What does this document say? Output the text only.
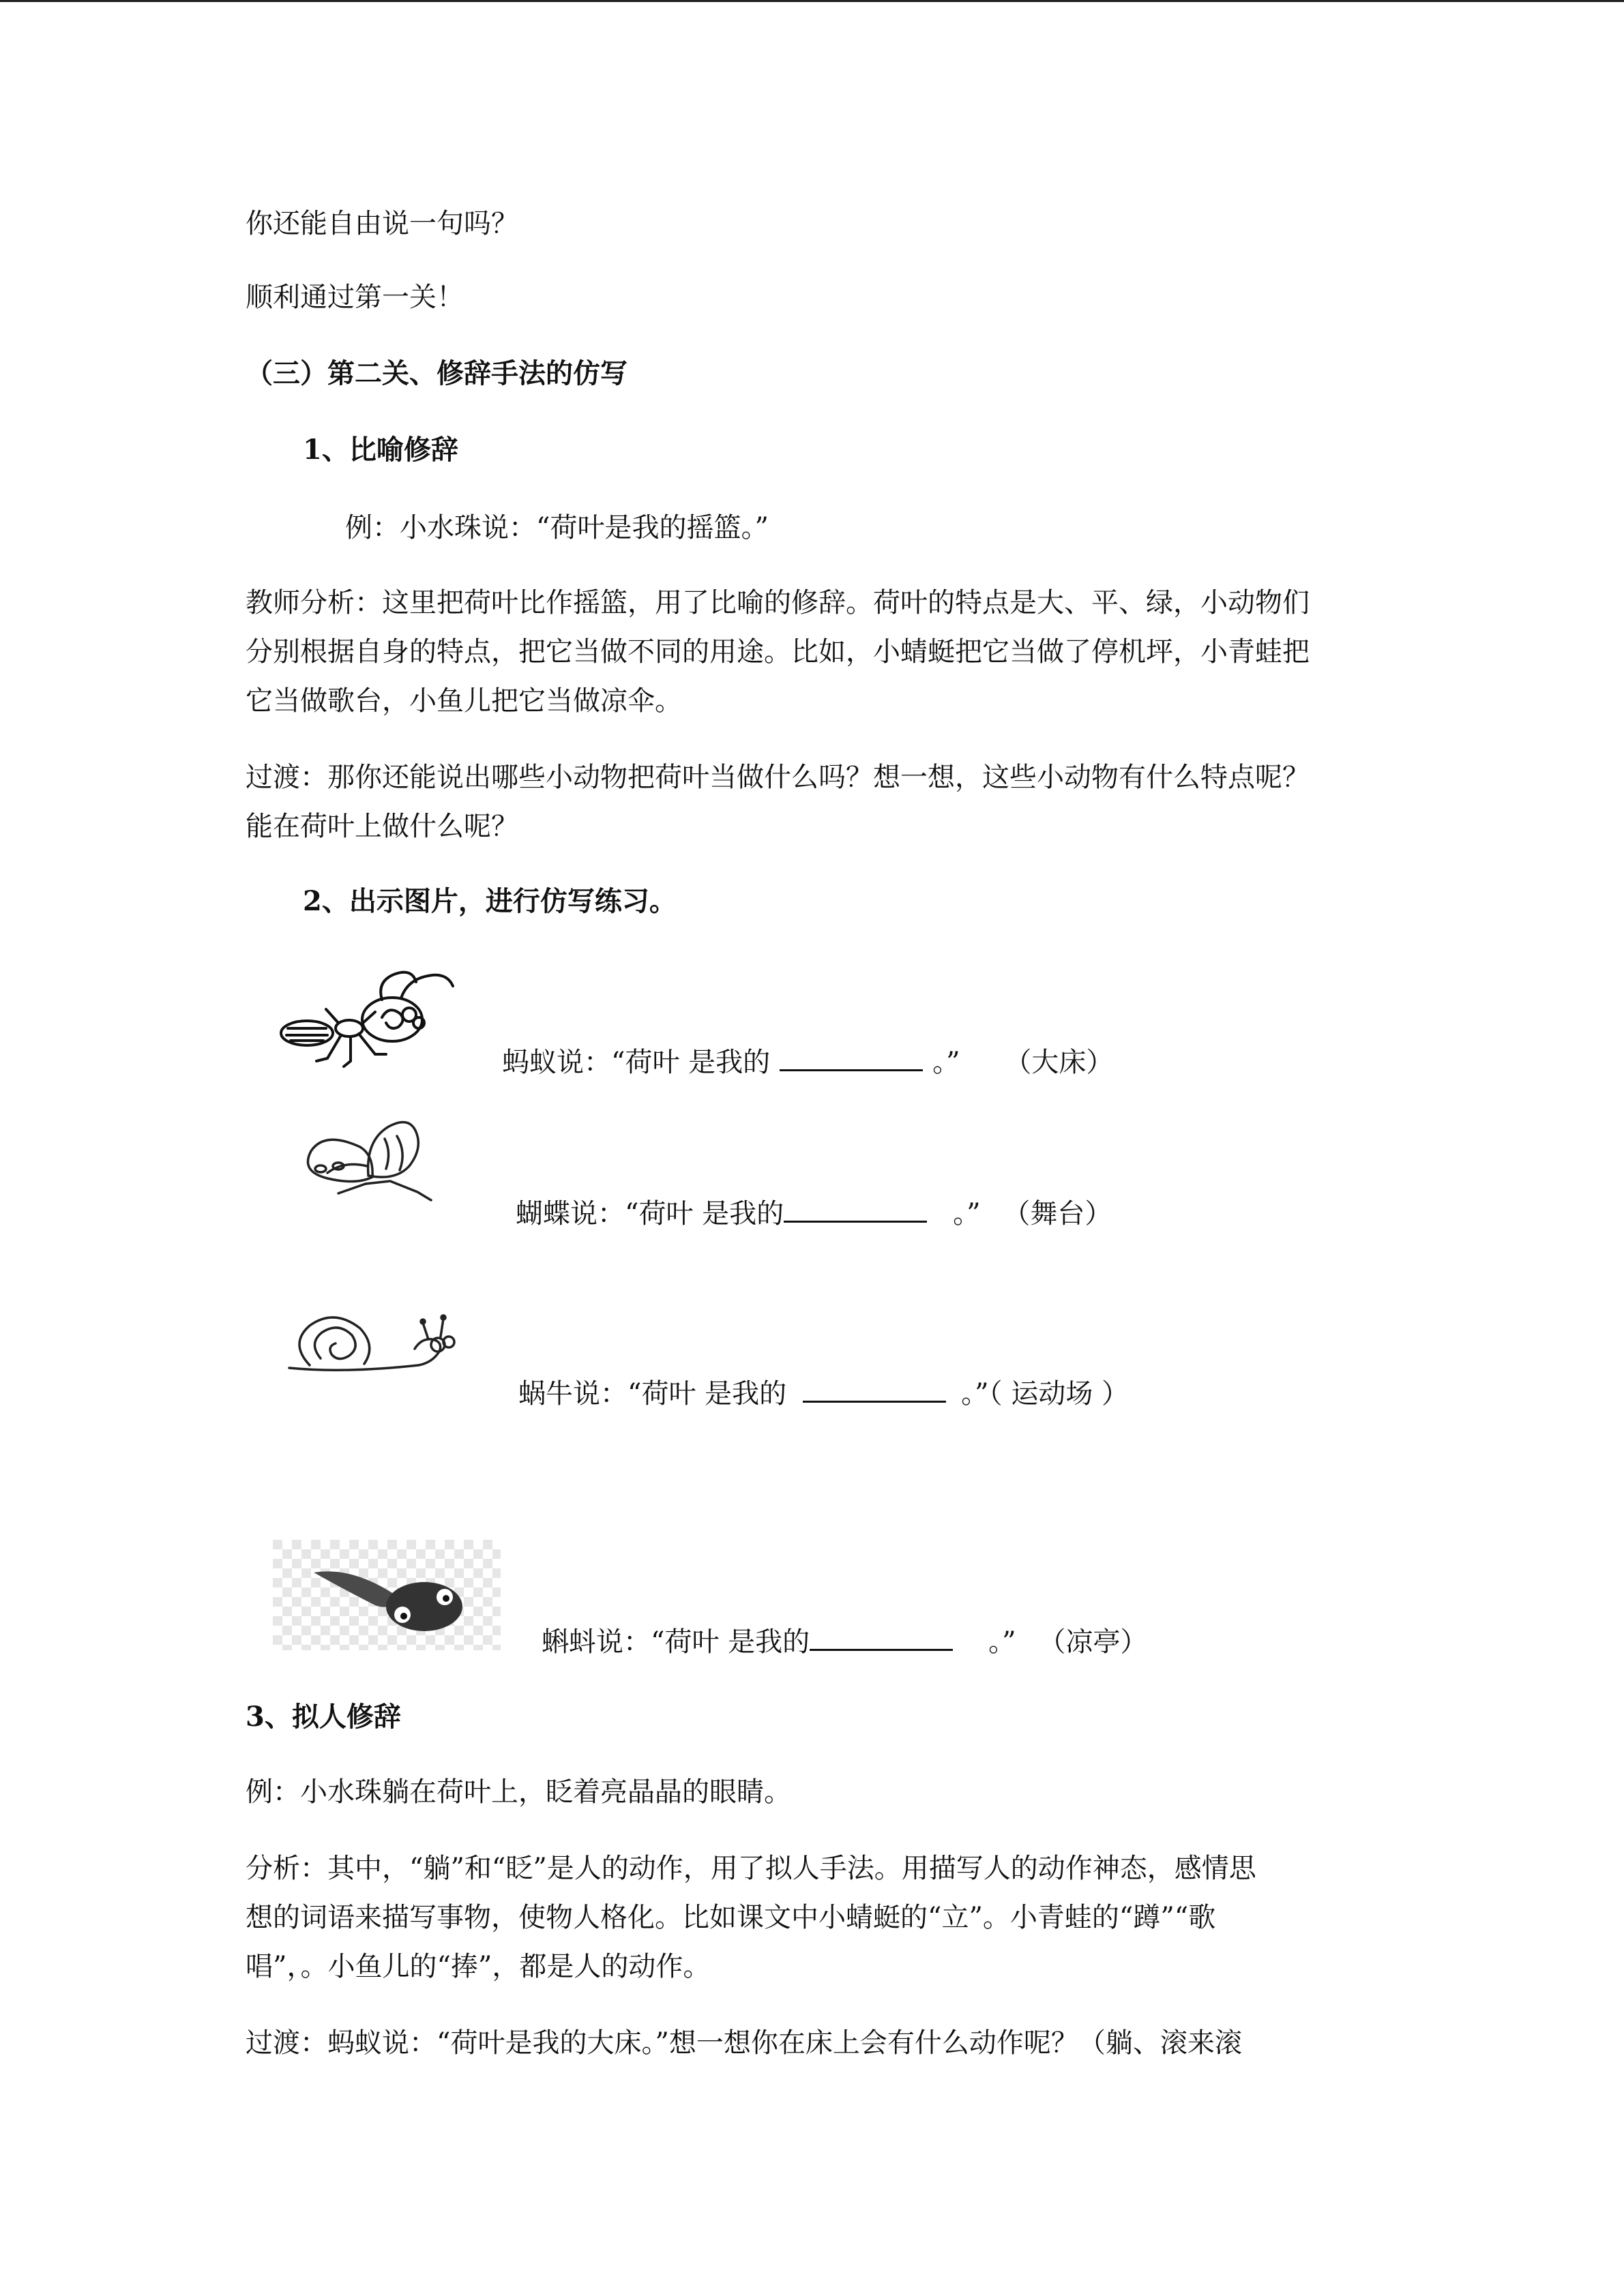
你还能自由说一句吗？
顺利通过第一关！
（三）第二关、修辞手法的仿写
1、比喻修辞
例：小水珠说：“荷叶是我的摇篮。”
教师分析：这里把荷叶比作摇篮，用了比喻的修辞。荷叶的特点是大、平、绿，小动物们
分别根据自身的特点，把它当做不同的用途。比如，小蜻蜓把它当做了停机坪，小青蛙把
它当做歌台，小鱼儿把它当做凉伞。
过渡：那你还能说出哪些小动物把荷叶当做什么吗？想一想，这些小动物有什么特点呢？
能在荷叶上做什么呢？
2、出示图片，进行仿写练习。
蚂蚁说：“荷叶 是我的	。” （大床）
蝴蝶说：“荷叶 是我的	。” （舞台）
蜗牛说：“荷叶 是我的	。”（ 运动场 ）
蝌蚪说：“荷叶 是我的	。” （凉亭）
3、拟人修辞
例：小水珠躺在荷叶上，眨着亮晶晶的眼睛。
分析：其中，“躺”和“眨”是人的动作，用了拟人手法。用描写人的动作神态，感情思
想的词语来描写事物，使物人格化。比如课文中小蜻蜓的“立”。小青蛙的“蹲”“歌
唱”，。小鱼儿的“捧”，都是人的动作。
过渡：蚂蚁说：“荷叶是我的大床。”想一想你在床上会有什么动作呢？（躺、滚来滚
